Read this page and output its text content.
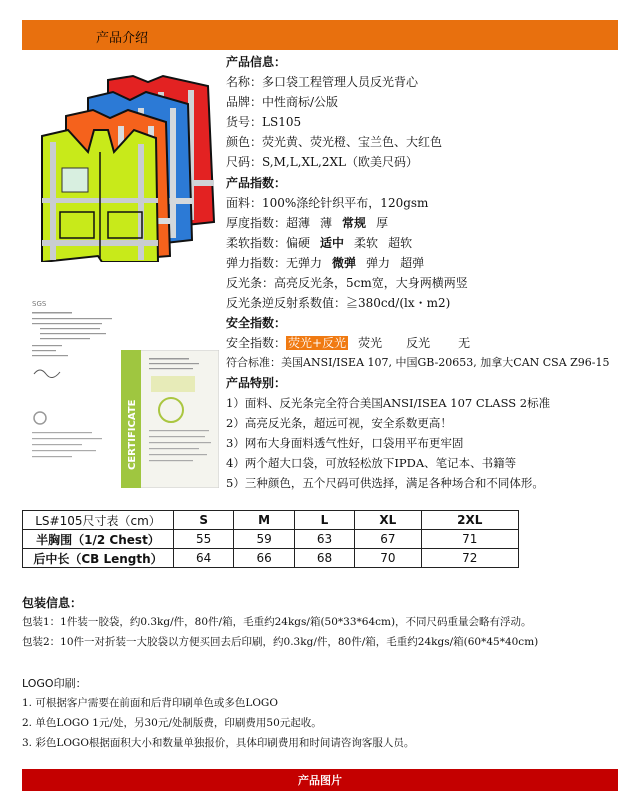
产品介绍
SGS
CERTIFICATE
产品信息：
名称：多口袋工程管理人员反光背心
品牌：中性商标/公版
货号：LS105
颜色：荧光黄、荧光橙、宝兰色、大红色
尺码：S,M,L,XL,2XL（欧美尺码）
产品指数：
面料：100%涤纶针织平布，120gsm
厚度指数：超薄 薄 常规 厚
柔软指数：偏硬 适中 柔软 超软
弹力指数：无弹力 微弹 弹力 超弹
反光条：高亮反光条，5cm宽，大身两横两竖
反光条逆反射系数值：≧380cd/(lx・m2)
安全指数：
安全指数： 荧光+反光 荧光 反光 无
符合标准：美国ANSI/ISEA 107, 中国GB-20653, 加拿大CAN CSA Z96-15
产品特别：
1）面料、反光条完全符合美国ANSI/ISEA 107 CLASS 2标准
2）高亮反光条，超远可视，安全系数更高！
3）网布大身面料透气性好，口袋用平布更牢固
4）两个超大口袋，可放轻松放下IPDA、笔记本、书籍等
5）三种颜色，五个尺码可供选择，满足各种场合和不同体形。
LS#105尺寸表（cm）	S	M	L	XL	2XL
半胸围（1/2 Chest）	55	59	63	67	71
后中长（CB Length）	64	66	68	70	72
包装信息：
包装1：1件装一胶袋，约0.3kg/件，80件/箱，毛重约24kgs/箱(50*33*64cm)，不同尺码重量会略有浮动。
包装2：10件一对折装一大胶袋以方便买回去后印刷，约0.3kg/件，80件/箱，毛重约24kgs/箱(60*45*40cm)
LOGO印刷：
1. 可根据客户需要在前面和后背印刷单色或多色LOGO
2. 单色LOGO 1元/处，另30元/处制版费，印刷费用50元起收。
3. 彩色LOGO根据面积大小和数量单独报价，具体印刷费用和时间请咨询客服人员。
产品图片
